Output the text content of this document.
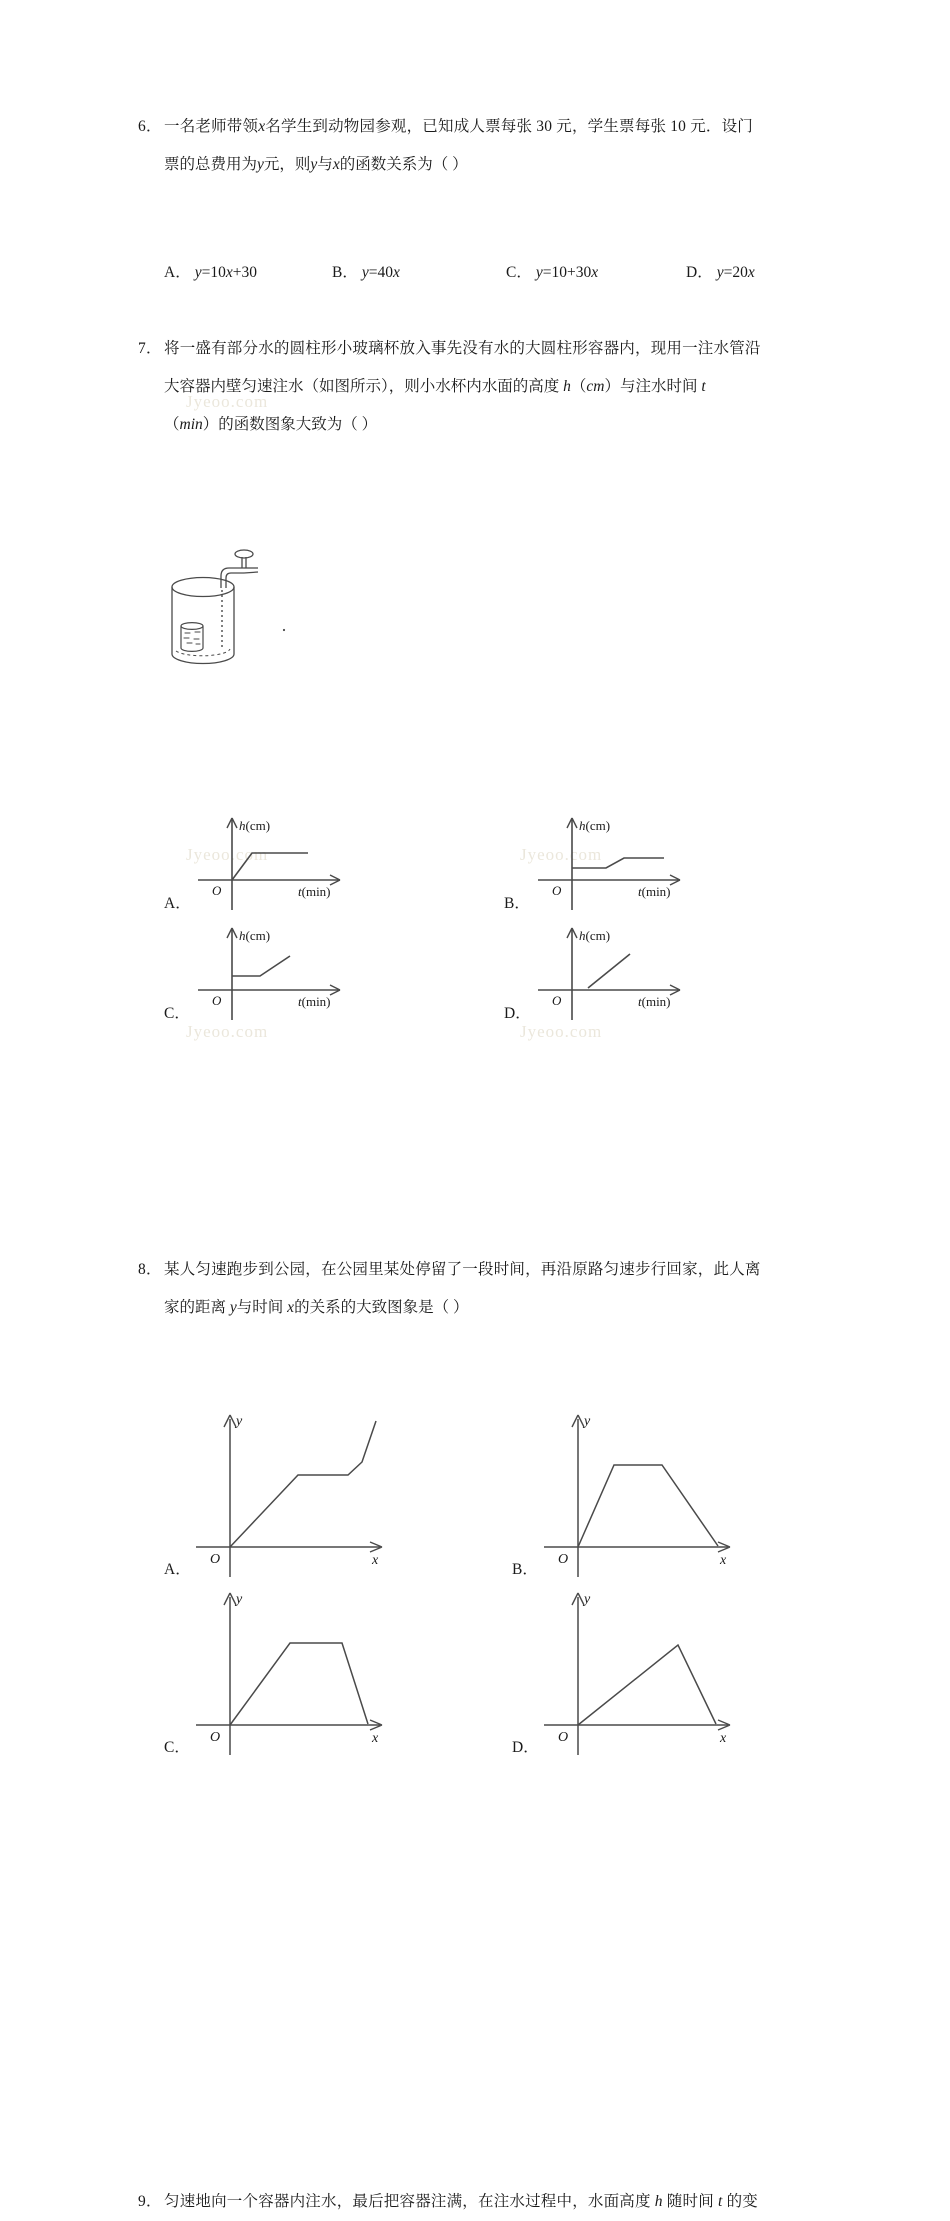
Jyeoo.com
Jyeoo.com	Jyeoo.com
Jyeoo.com	Jyeoo.com
6． 一名老师带领x名学生到动物园参观，已知成人票每张 30 元，学生票每张 10 元．设门
票的总费用为y元，则y与x的函数关系为（ ）
A． y=10x+30	B． y=40x	C． y=10+30x	D． y=20x
7． 将一盛有部分水的圆柱形小玻璃杯放入事先没有水的大圆柱形容器内，现用一注水管沿
大容器内壁匀速注水（如图所示），则小水杯内水面的高度 h（cm）与注水时间 t
（min）的函数图象大致为（ ）
A．
h(cm)
O	t(min)
B．
h(cm)
O	t(min)
C．
h(cm)
O	t(min)
D．
h(cm)
O	t(min)
8． 某人匀速跑步到公园，在公园里某处停留了一段时间，再沿原路匀速步行回家，此人离
家的距离 y与时间 x的关系的大致图象是（ ）
A．
y
O	x	B．
y
O	x
C．
y
O	x	D．
y
O	x
9． 匀速地向一个容器内注水，最后把容器注满，在注水过程中，水面高度 h 随时间 t 的变
